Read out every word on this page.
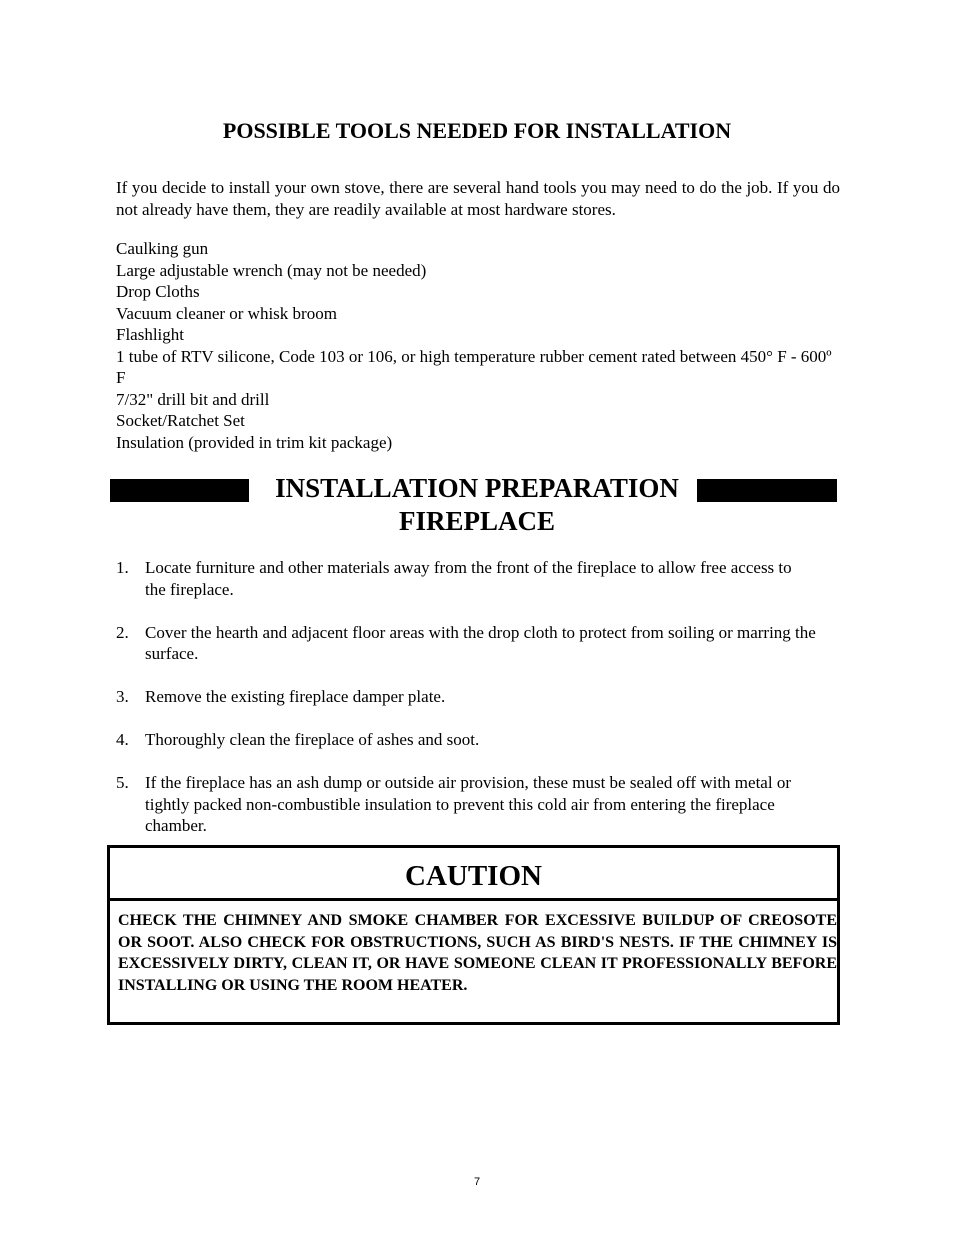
POSSIBLE TOOLS NEEDED FOR INSTALLATION
If you decide to install your own stove, there are several hand tools you may need to do the job. If you do not already have them, they are readily available at most hardware stores.
Caulking gun
Large adjustable wrench (may not be needed)
Drop Cloths
Vacuum cleaner or whisk broom
Flashlight
1 tube of RTV silicone, Code 103 or 106, or high temperature rubber cement rated between 450° F - 600º F
7/32" drill bit and drill
Socket/Ratchet Set
Insulation (provided in trim kit package)
INSTALLATION PREPARATION
FIREPLACE
1. Locate furniture and other materials away from the front of the fireplace to allow free access to the fireplace.
2. Cover the hearth and adjacent floor areas with the drop cloth to protect from soiling or marring the surface.
3. Remove the existing fireplace damper plate.
4. Thoroughly clean the fireplace of ashes and soot.
5. If the fireplace has an ash dump or outside air provision, these must be sealed off with metal or tightly packed non-combustible insulation to prevent this cold air from entering the fireplace chamber.
CAUTION
CHECK THE CHIMNEY AND SMOKE CHAMBER FOR EXCESSIVE BUILDUP OF CREOSOTE OR SOOT. ALSO CHECK FOR OBSTRUCTIONS, SUCH AS BIRD'S NESTS. IF THE CHIMNEY IS EXCESSIVELY DIRTY, CLEAN IT, OR HAVE SOMEONE CLEAN IT PROFESSIONALLY BEFORE INSTALLING OR USING THE ROOM HEATER.
7
